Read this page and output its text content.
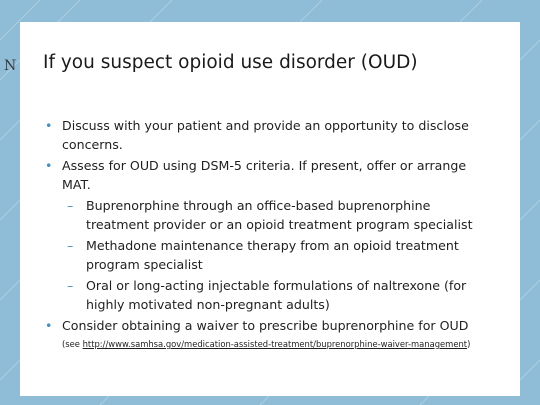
N If you suspect opioid use disorder (OUD)
• Discuss with your patient and provide an opportunity to disclose concerns.
• Assess for OUD using DSM-5 criteria. If present, offer or arrange MAT.
– Buprenorphine through an office-based buprenorphine treatment provider or an opioid treatment program specialist
– Methadone maintenance therapy from an opioid treatment program specialist
– Oral or long-acting injectable formulations of naltrexone (for highly motivated non-pregnant adults)
• Consider obtaining a waiver to prescribe buprenorphine for OUD
(see http://www.samhsa.gov/medication-assisted-treatment/buprenorphine-waiver-management)
